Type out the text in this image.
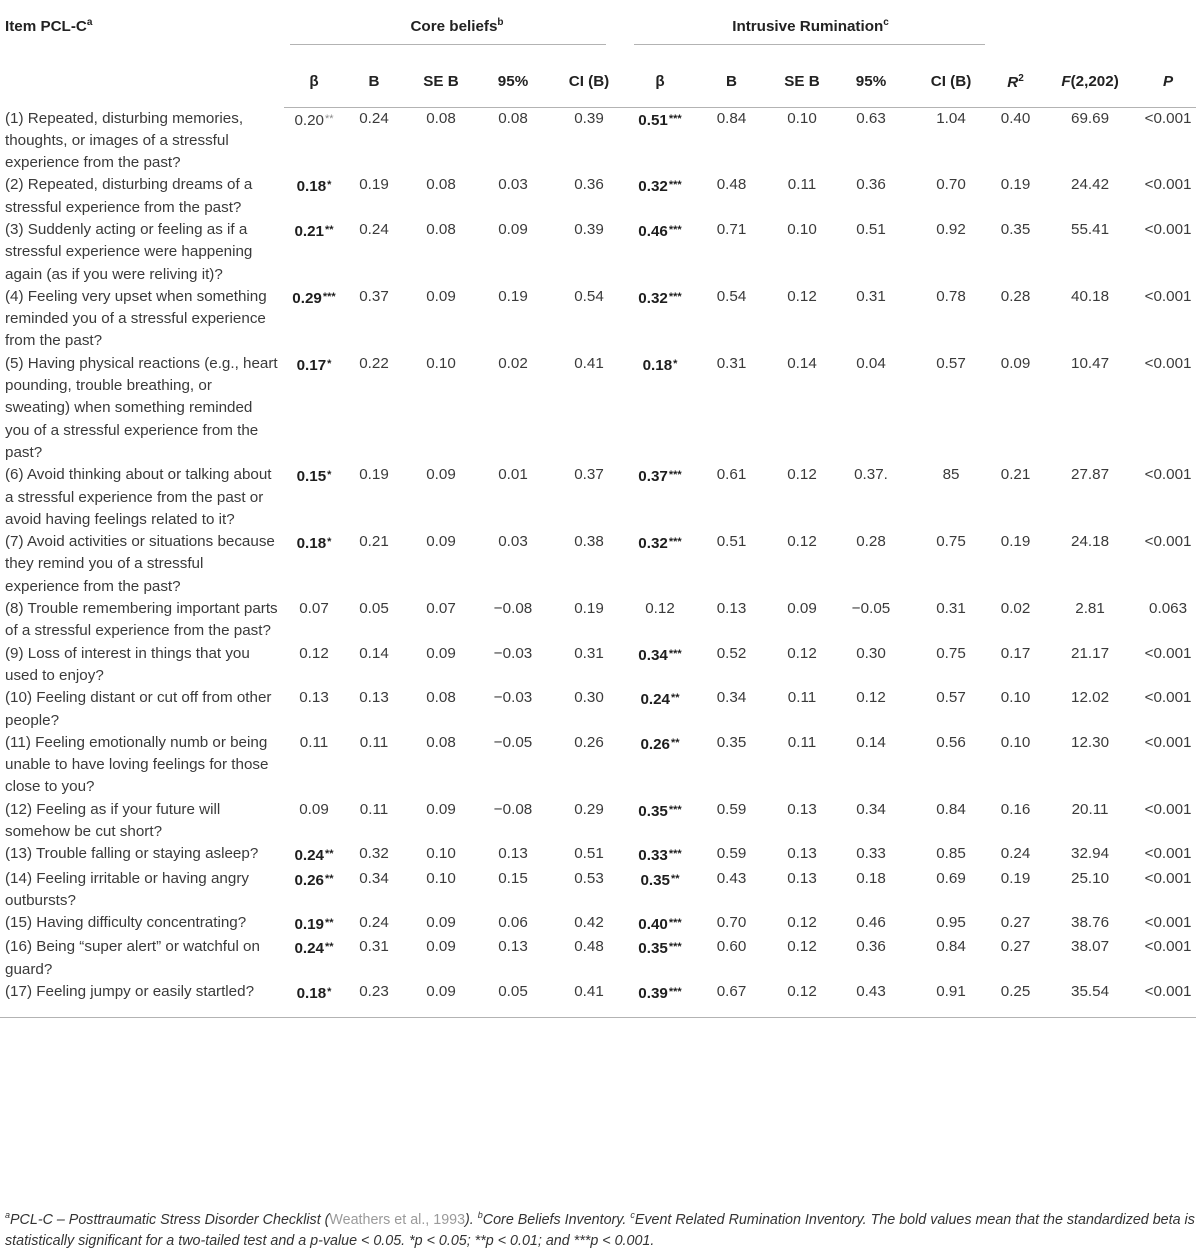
Item PCL-$C^a$	Core beliefs$^b$					Intrusive Rumination$^c$

	β	B	SE B	95%	CI (B)	β	B	SE B	95%	CI (B)	$R^2$	F(2,202)	P
(1) Repeated, disturbing memories, thoughts, or images of a stressful experience from the past?	0.20**	0.24	0.08	0.08	0.39	0.51***	0.84	0.10	0.63	1.04	0.40	69.69	<0.001
(2) Repeated, disturbing dreams of a stressful experience from the past?	0.18*	0.19	0.08	0.03	0.36	0.32***	0.48	0.11	0.36	0.70	0.19	24.42	<0.001
(3) Suddenly acting or feeling as if a stressful experience were happening again (as if you were reliving it)?	0.21**	0.24	0.08	0.09	0.39	0.46***	0.71	0.10	0.51	0.92	0.35	55.41	<0.001
(4) Feeling very upset when something reminded you of a stressful experience from the past?	0.29***	0.37	0.09	0.19	0.54	0.32***	0.54	0.12	0.31	0.78	0.28	40.18	<0.001
(5) Having physical reactions (e.g., heart pounding, trouble breathing, or sweating) when something reminded you of a stressful experience from the past?	0.17*	0.22	0.10	0.02	0.41	0.18*	0.31	0.14	0.04	0.57	0.09	10.47	<0.001
(6) Avoid thinking about or talking about a stressful experience from the past or avoid having feelings related to it?	0.15*	0.19	0.09	0.01	0.37	0.37***	0.61	0.12	0.37.	85	0.21	27.87	<0.001
(7) Avoid activities or situations because they remind you of a stressful experience from the past?	0.18*	0.21	0.09	0.03	0.38	0.32***	0.51	0.12	0.28	0.75	0.19	24.18	<0.001
(8) Trouble remembering important parts of a stressful experience from the past?	0.07	0.05	0.07	−0.08	0.19	0.12	0.13	0.09	−0.05	0.31	0.02	2.81	0.063
(9) Loss of interest in things that you used to enjoy?	0.12	0.14	0.09	−0.03	0.31	0.34***	0.52	0.12	0.30	0.75	0.17	21.17	<0.001
(10) Feeling distant or cut off from other people?	0.13	0.13	0.08	−0.03	0.30	0.24**	0.34	0.11	0.12	0.57	0.10	12.02	<0.001
(11) Feeling emotionally numb or being unable to have loving feelings for those close to you?	0.11	0.11	0.08	−0.05	0.26	0.26**	0.35	0.11	0.14	0.56	0.10	12.30	<0.001
(12) Feeling as if your future will somehow be cut short?	0.09	0.11	0.09	−0.08	0.29	0.35***	0.59	0.13	0.34	0.84	0.16	20.11	<0.001
(13) Trouble falling or staying asleep?	0.24**	0.32	0.10	0.13	0.51	0.33***	0.59	0.13	0.33	0.85	0.24	32.94	<0.001
(14) Feeling irritable or having angry outbursts?	0.26**	0.34	0.10	0.15	0.53	0.35**	0.43	0.13	0.18	0.69	0.19	25.10	<0.001
(15) Having difficulty concentrating?	0.19**	0.24	0.09	0.06	0.42	0.40***	0.70	0.12	0.46	0.95	0.27	38.76	<0.001
(16) Being “super alert” or watchful on guard?	0.24**	0.31	0.09	0.13	0.48	0.35***	0.60	0.12	0.36	0.84	0.27	38.07	<0.001
(17) Feeling jumpy or easily startled?	0.18*	0.23	0.09	0.05	0.41	0.39***	0.67	0.12	0.43	0.91	0.25	35.54	<0.001
$^a$PCL-C – Posttraumatic Stress Disorder Checklist (Weathers et al., 1993). $^b$Core Beliefs Inventory. $^c$Event Related Rumination Inventory. The bold values mean that the standardized beta is statistically significant for a two-tailed test and a p-value < 0.05. *p < 0.05; **p < 0.01; and ***p < 0.001.
